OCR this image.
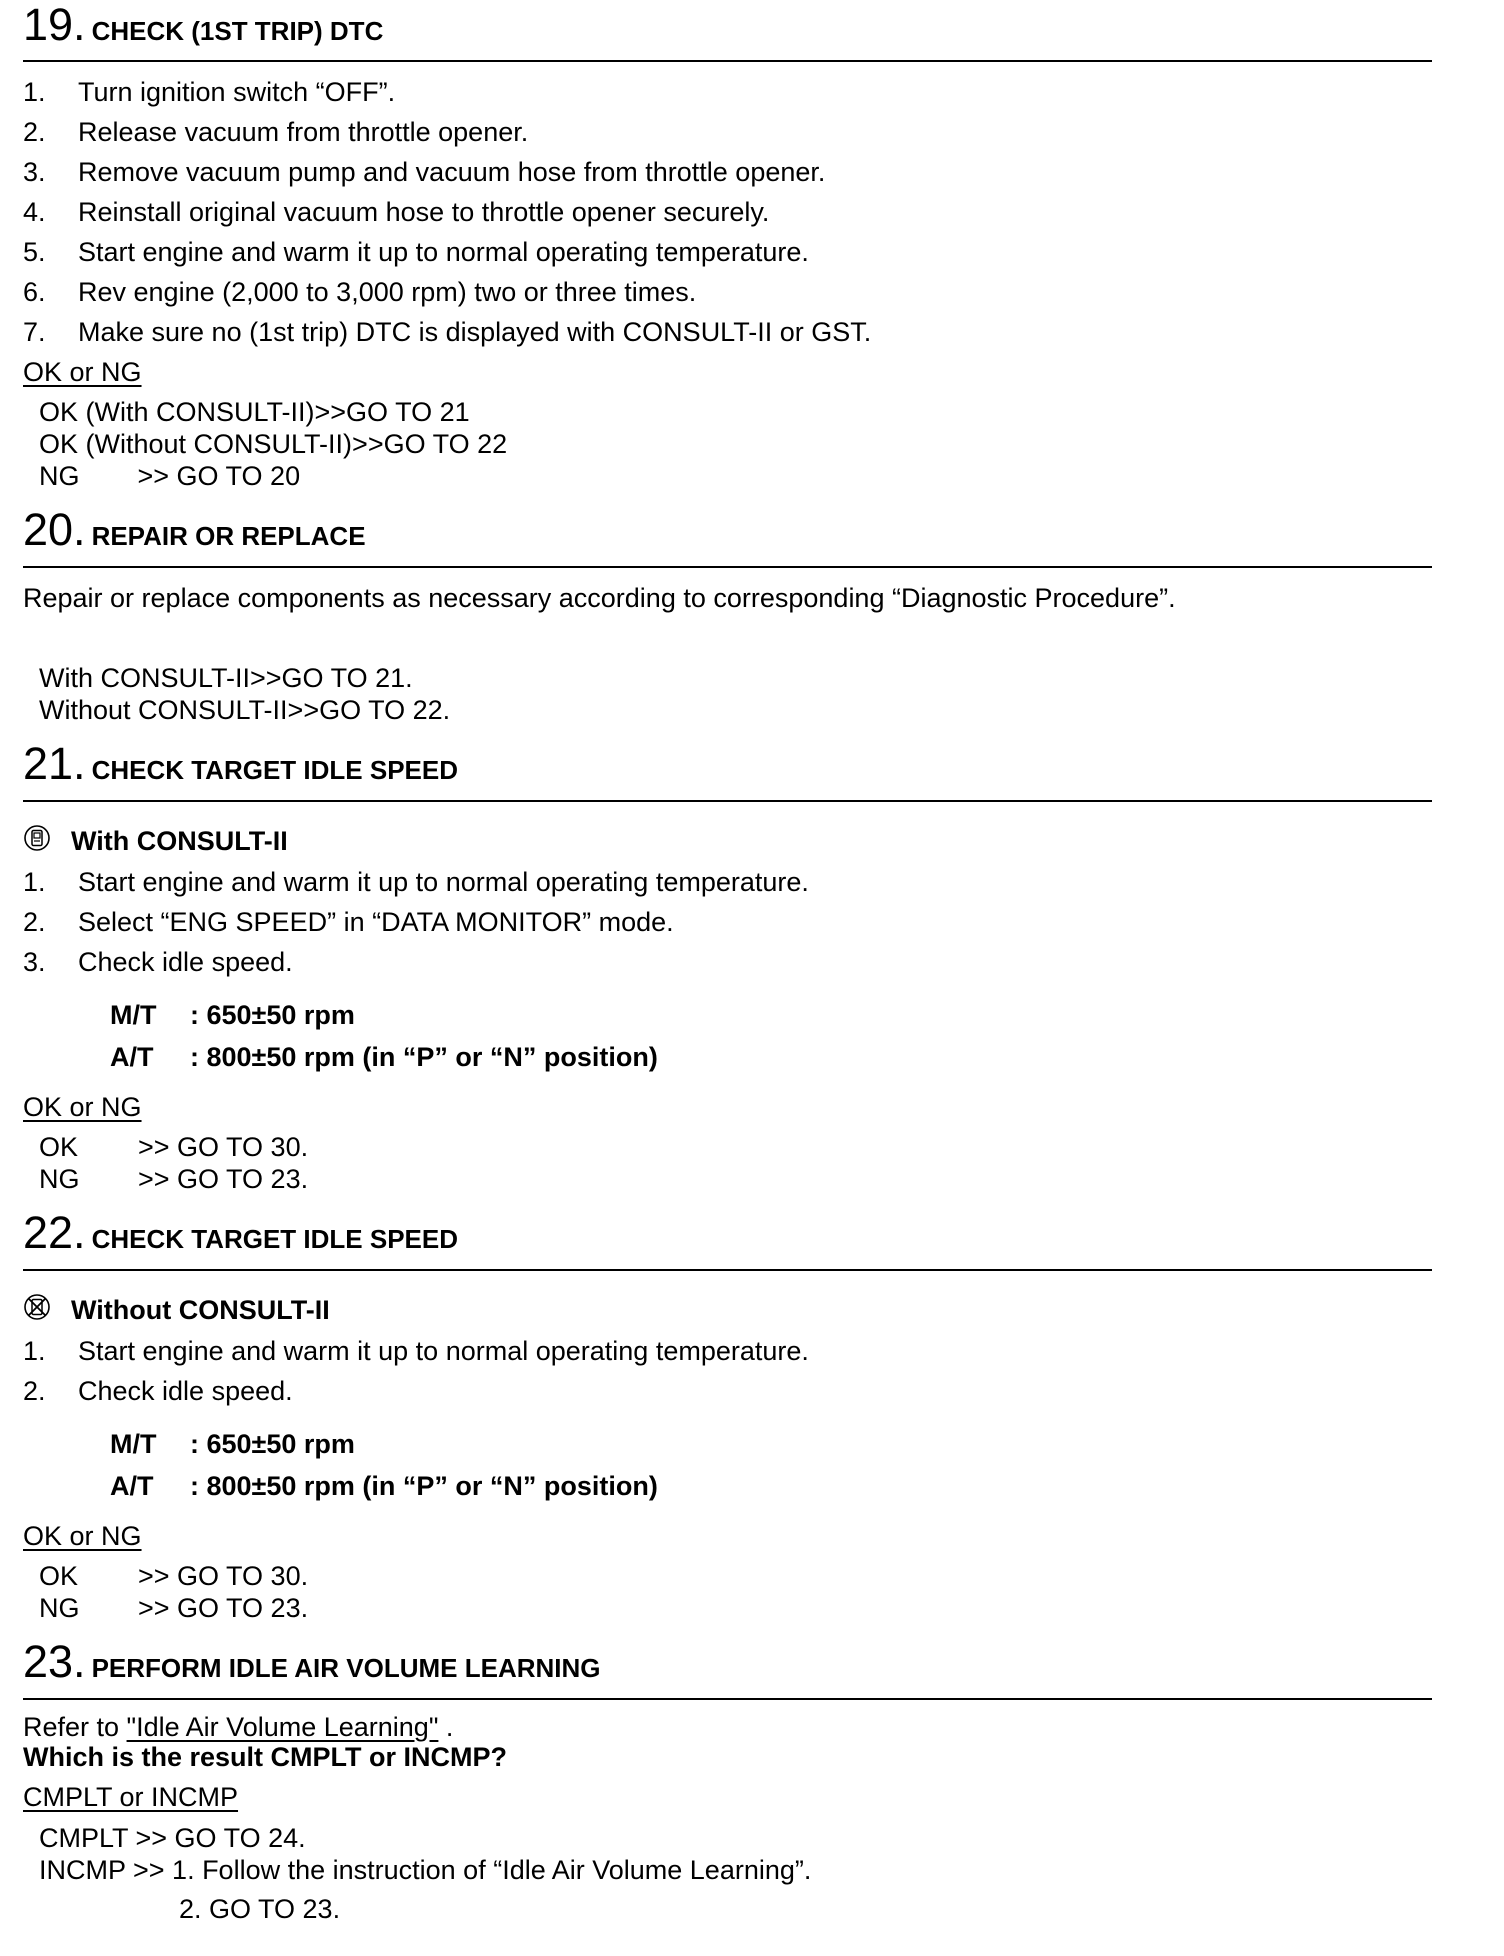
19. CHECK (1ST TRIP) DTC
1. Turn ignition switch “OFF”.
2. Release vacuum from throttle opener.
3. Remove vacuum pump and vacuum hose from throttle opener.
4. Reinstall original vacuum hose to throttle opener securely.
5. Start engine and warm it up to normal operating temperature.
6. Rev engine (2,000 to 3,000 rpm) two or three times.
7. Make sure no (1st trip) DTC is displayed with CONSULT-II or GST.
OK or NG
OK (With CONSULT-II)>>GO TO 21
OK (Without CONSULT-II)>>GO TO 22
NG >> GO TO 20
20. REPAIR OR REPLACE
Repair or replace components as necessary according to corresponding “Diagnostic Procedure”.
With CONSULT-II>>GO TO 21.
Without CONSULT-II>>GO TO 22.
21. CHECK TARGET IDLE SPEED
With CONSULT-II
1. Start engine and warm it up to normal operating temperature.
2. Select “ENG SPEED” in “DATA MONITOR” mode.
3. Check idle speed.
M/T : 650±50 rpm
A/T : 800±50 rpm (in “P” or “N” position)
OK or NG
OK >> GO TO 30.
NG >> GO TO 23.
22. CHECK TARGET IDLE SPEED
Without CONSULT-II
1. Start engine and warm it up to normal operating temperature.
2. Check idle speed.
M/T : 650±50 rpm
A/T : 800±50 rpm (in “P” or “N” position)
OK or NG
OK >> GO TO 30.
NG >> GO TO 23.
23. PERFORM IDLE AIR VOLUME LEARNING
Refer to "Idle Air Volume Learning" .
Which is the result CMPLT or INCMP?
CMPLT or INCMP
CMPLT >> GO TO 24.
INCMP >> 1. Follow the instruction of “Idle Air Volume Learning”.
2. GO TO 23.
